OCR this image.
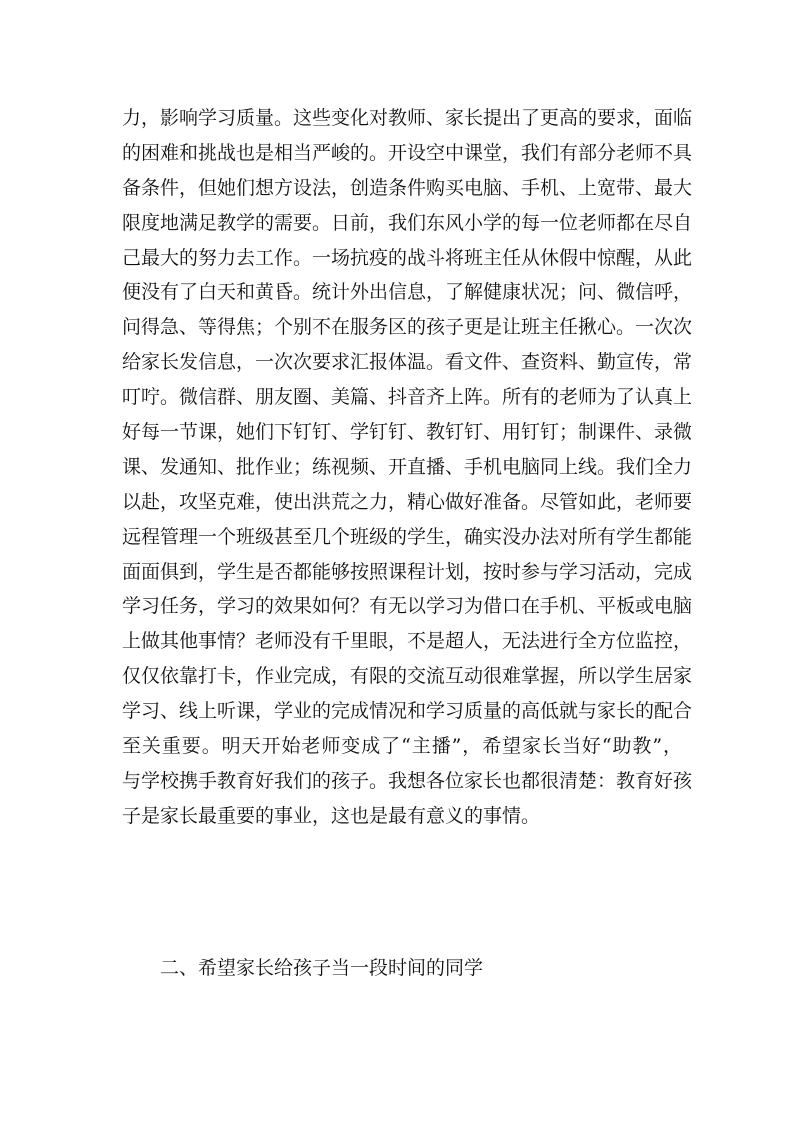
力，影响学习质量。这些变化对教师、家长提出了更高的要求，面临
的困难和挑战也是相当严峻的。开设空中课堂，我们有部分老师不具
备条件，但她们想方设法，创造条件购买电脑、手机、上宽带、最大
限度地满足教学的需要。日前，我们东风小学的每一位老师都在尽自
己最大的努力去工作。一场抗疫的战斗将班主任从休假中惊醒，从此
便没有了白天和黄昏。统计外出信息，了解健康状况；问、微信呼，
问得急、等得焦；个别不在服务区的孩子更是让班主任揪心。一次次
给家长发信息，一次次要求汇报体温。看文件、查资料、勤宣传，常
叮咛。微信群、朋友圈、美篇、抖音齐上阵。所有的老师为了认真上
好每一节课，她们下钉钉、学钉钉、教钉钉、用钉钉；制课件、录微
课、发通知、批作业；练视频、开直播、手机电脑同上线。我们全力
以赴，攻坚克难，使出洪荒之力，精心做好准备。尽管如此，老师要
远程管理一个班级甚至几个班级的学生，确实没办法对所有学生都能
面面俱到，学生是否都能够按照课程计划，按时参与学习活动，完成
学习任务，学习的效果如何？有无以学习为借口在手机、平板或电脑
上做其他事情？老师没有千里眼，不是超人，无法进行全方位监控，
仅仅依靠打卡，作业完成，有限的交流互动很难掌握，所以学生居家
学习、线上听课，学业的完成情况和学习质量的高低就与家长的配合
至关重要。明天开始老师变成了“主播”，希望家长当好“助教”，
与学校携手教育好我们的孩子。我想各位家长也都很清楚：教育好孩
子是家长最重要的事业，这也是最有意义的事情。
二、希望家长给孩子当一段时间的同学
